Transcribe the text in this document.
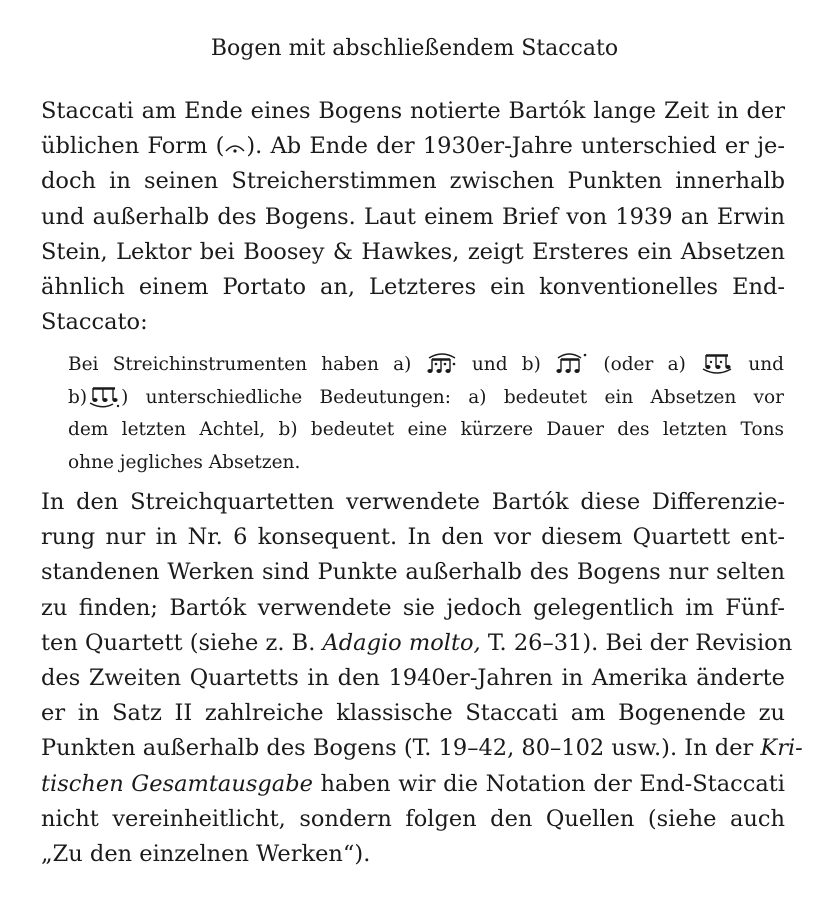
Bogen mit abschließendem Staccato
Staccati am Ende eines Bogens notierte Bartók lange Zeit in der
üblichen Form ( ). Ab Ende der 1930er-Jahre unterschied er je-
doch in seinen Streicherstimmen zwischen Punkten innerhalb
und außerhalb des Bogens. Laut einem Brief von 1939 an Erwin
Stein, Lektor bei Boosey & Hawkes, zeigt Ersteres ein Absetzen
ähnlich einem Portato an, Letzteres ein konventionelles End-
Staccato:
Bei Streichinstrumenten haben a)	und b)	(oder a)	und
b) ) unterschiedliche Bedeutungen: a) bedeutet ein Absetzen vor
dem letzten Achtel, b) bedeutet eine kürzere Dauer des letzten Tons
ohne jegliches Absetzen.
In den Streichquartetten verwendete Bartók diese Differenzie-
rung nur in Nr. 6 konsequent. In den vor diesem Quartett ent-
standenen Werken sind Punkte außerhalb des Bogens nur selten
zu finden; Bartók verwendete sie jedoch gelegentlich im Fünf-
ten Quartett (siehe z. B. Adagio molto, T. 26–31). Bei der Revision
des Zweiten Quartetts in den 1940er-Jahren in Amerika änderte
er in Satz II zahlreiche klassische Staccati am Bogenende zu
Punkten außerhalb des Bogens (T. 19–42, 80–102 usw.). In der Kri-
tischen Gesamtausgabe haben wir die Notation der End-Staccati
nicht vereinheitlicht, sondern folgen den Quellen (siehe auch
„Zu den einzelnen Werken“).
